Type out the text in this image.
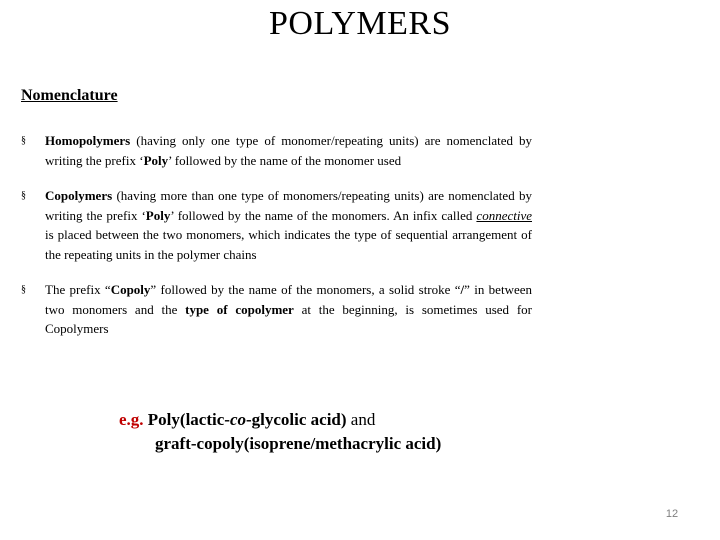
POLYMERS
Nomenclature
§ Homopolymers (having only one type of monomer/repeating units) are nomenclated by writing the prefix ‘Poly’ followed by the name of the monomer used
§ Copolymers (having more than one type of monomers/repeating units) are nomenclated by writing the prefix ‘Poly’ followed by the name of the monomers. An infix called connective is placed between the two monomers, which indicates the type of sequential arrangement of the repeating units in the polymer chains
§ The prefix “Copoly” followed by the name of the monomers, a solid stroke “/” in between two monomers and the type of copolymer at the beginning, is sometimes used for Copolymers
e.g. Poly(lactic-co-glycolic acid) and
graft-copoly(isoprene/methacrylic acid)
12
